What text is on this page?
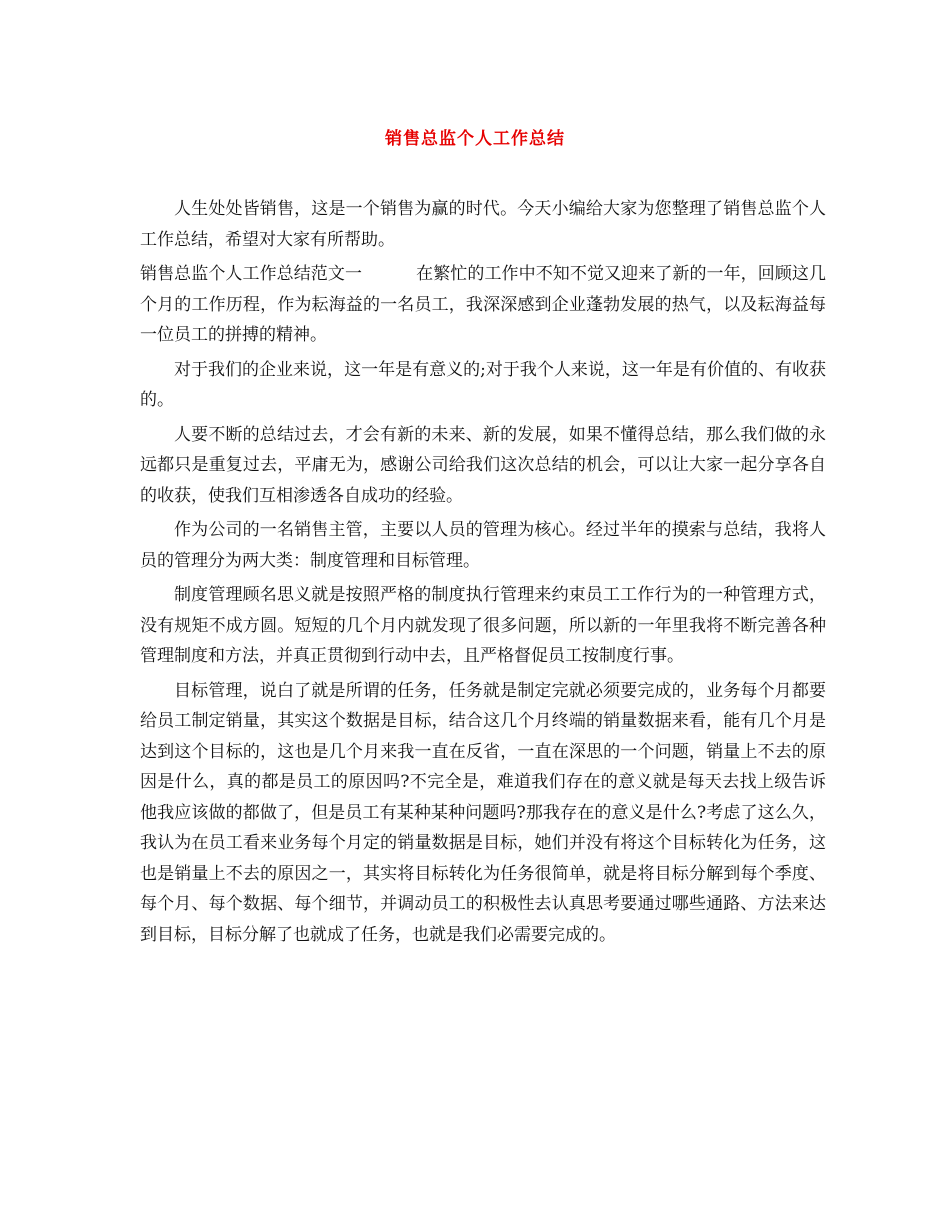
销售总监个人工作总结

人生处处皆销售，这是一个销售为赢的时代。今天小编给大家为您整理了销售总监个人工作总结，希望对大家有所帮助。

销售总监个人工作总结范文一	在繁忙的工作中不知不觉又迎来了新的一年，回顾这几个月的工作历程，作为耘海益的一名员工，我深深感到企业蓬勃发展的热气，以及耘海益每一位员工的拼搏的精神。

对于我们的企业来说，这一年是有意义的;对于我个人来说，这一年是有价值的、有收获的。

人要不断的总结过去，才会有新的未来、新的发展，如果不懂得总结，那么我们做的永远都只是重复过去，平庸无为，感谢公司给我们这次总结的机会，可以让大家一起分享各自的收获，使我们互相渗透各自成功的经验。

作为公司的一名销售主管，主要以人员的管理为核心。经过半年的摸索与总结，我将人员的管理分为两大类：制度管理和目标管理。

制度管理顾名思义就是按照严格的制度执行管理来约束员工工作行为的一种管理方式，没有规矩不成方圆。短短的几个月内就发现了很多问题，所以新的一年里我将不断完善各种管理制度和方法，并真正贯彻到行动中去，且严格督促员工按制度行事。

目标管理，说白了就是所谓的任务，任务就是制定完就必须要完成的，业务每个月都要给员工制定销量，其实这个数据是目标，结合这几个月终端的销量数据来看，能有几个月是达到这个目标的，这也是几个月来我一直在反省，一直在深思的一个问题，销量上不去的原因是什么，真的都是员工的原因吗?不完全是，难道我们存在的意义就是每天去找上级告诉他我应该做的都做了，但是员工有某种某种问题吗?那我存在的意义是什么?考虑了这么久，我认为在员工看来业务每个月定的销量数据是目标，她们并没有将这个目标转化为任务，这也是销量上不去的原因之一，其实将目标转化为任务很简单，就是将目标分解到每个季度、每个月、每个数据、每个细节，并调动员工的积极性去认真思考要通过哪些通路、方法来达到目标，目标分解了也就成了任务，也就是我们必需要完成的。
